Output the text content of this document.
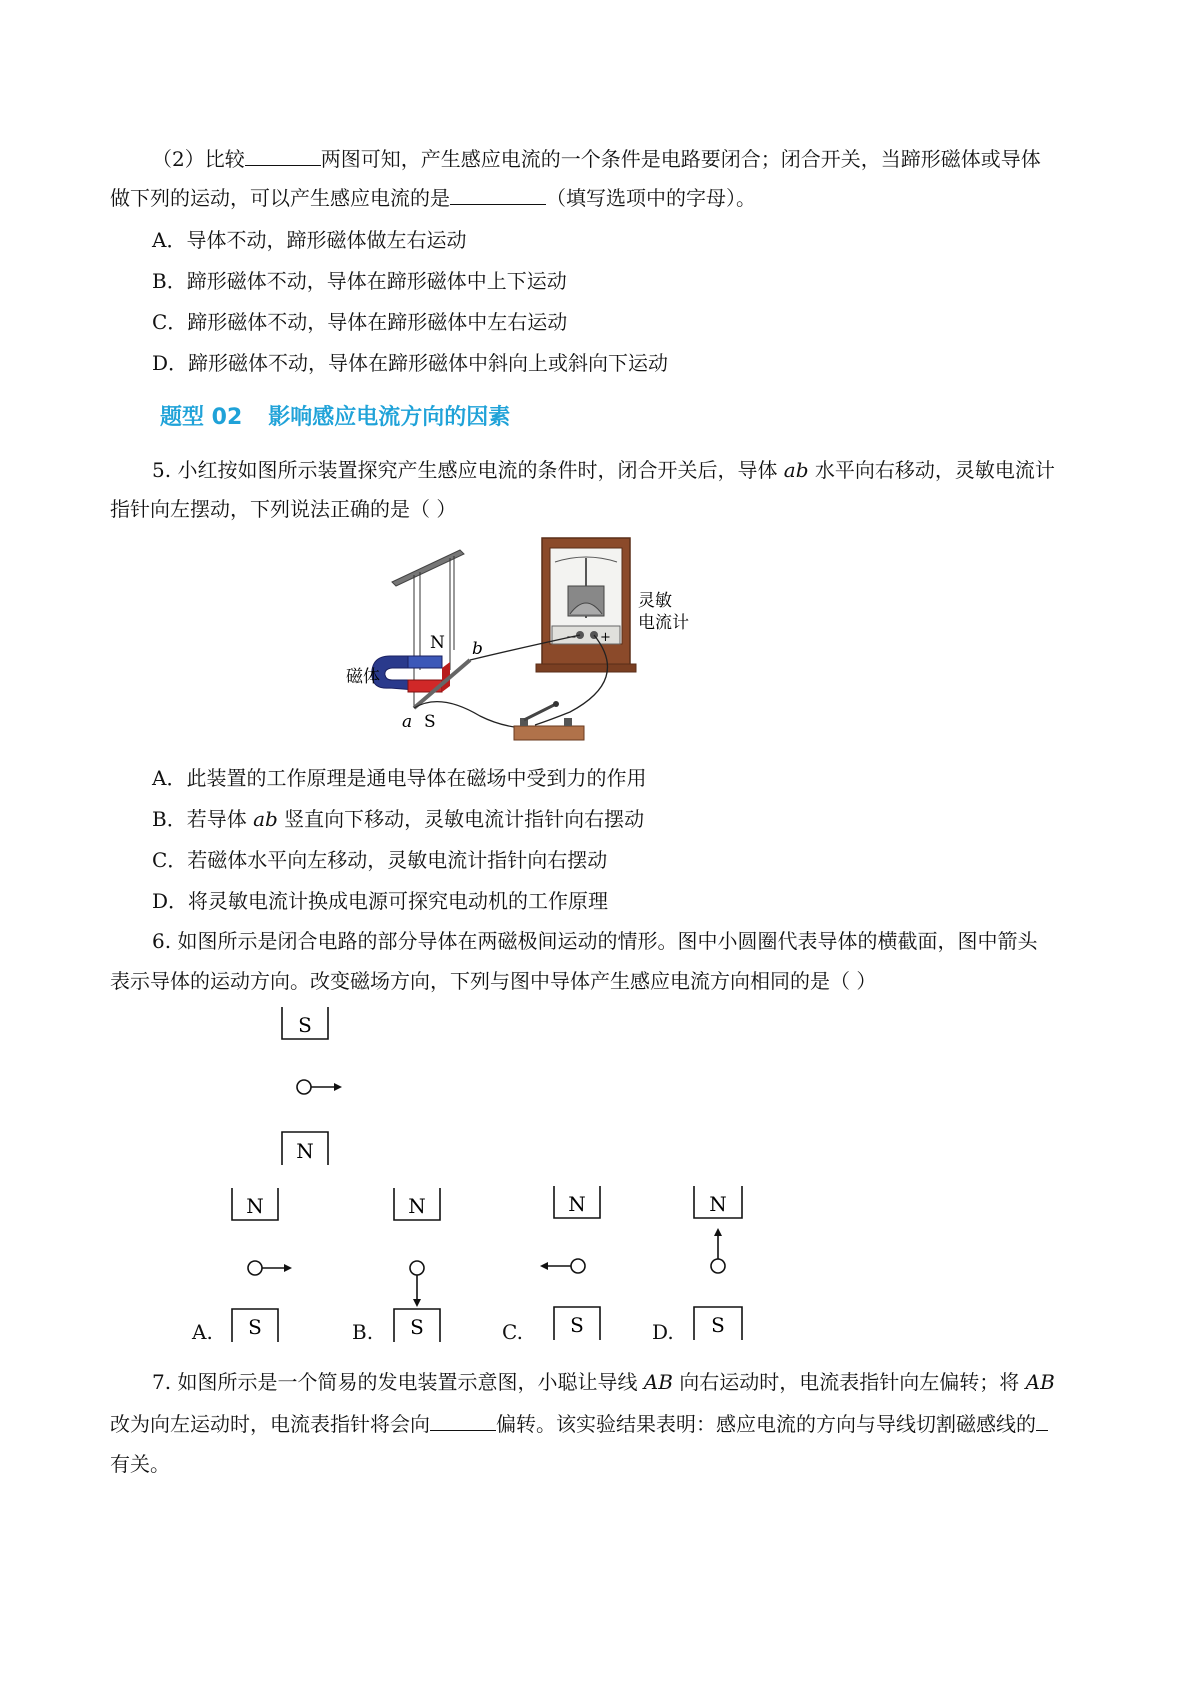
（2）比较	两图可知，产生感应电流的一个条件是电路要闭合；闭合开关，当蹄形磁体或导体
做下列的运动，可以产生感应电流的是	（填写选项中的字母）。
A．导体不动，蹄形磁体做左右运动
B．蹄形磁体不动，导体在蹄形磁体中上下运动
C．蹄形磁体不动，导体在蹄形磁体中左右运动
D．蹄形磁体不动，导体在蹄形磁体中斜向上或斜向下运动
题型 02 影响感应电流方向的因素
5. 小红按如图所示装置探究产生感应电流的条件时，闭合开关后，导体 ab 水平向右移动，灵敏电流计
指针向左摆动，下列说法正确的是（ ）
磁体
N
S
a
b
− +
灵敏
电流计
A．此装置的工作原理是通电导体在磁场中受到力的作用
B．若导体 ab 竖直向下移动，灵敏电流计指针向右摆动
C．若磁体水平向左移动，灵敏电流计指针向右摆动
D．将灵敏电流计换成电源可探究电动机的工作原理
6. 如图所示是闭合电路的部分导体在两磁极间运动的情形。图中小圆圈代表导体的横截面，图中箭头
表示导体的运动方向。改变磁场方向，下列与图中导体产生感应电流方向相同的是（ ）
S
N
A.
N
S	B.
N
S	C.
N
S	D.
N
S
7. 如图所示是一个简易的发电装置示意图，小聪让导线 AB 向右运动时，电流表指针向左偏转；将 AB
改为向左运动时，电流表指针将会向	偏转。该实验结果表明：感应电流的方向与导线切割磁感线的
有关。
